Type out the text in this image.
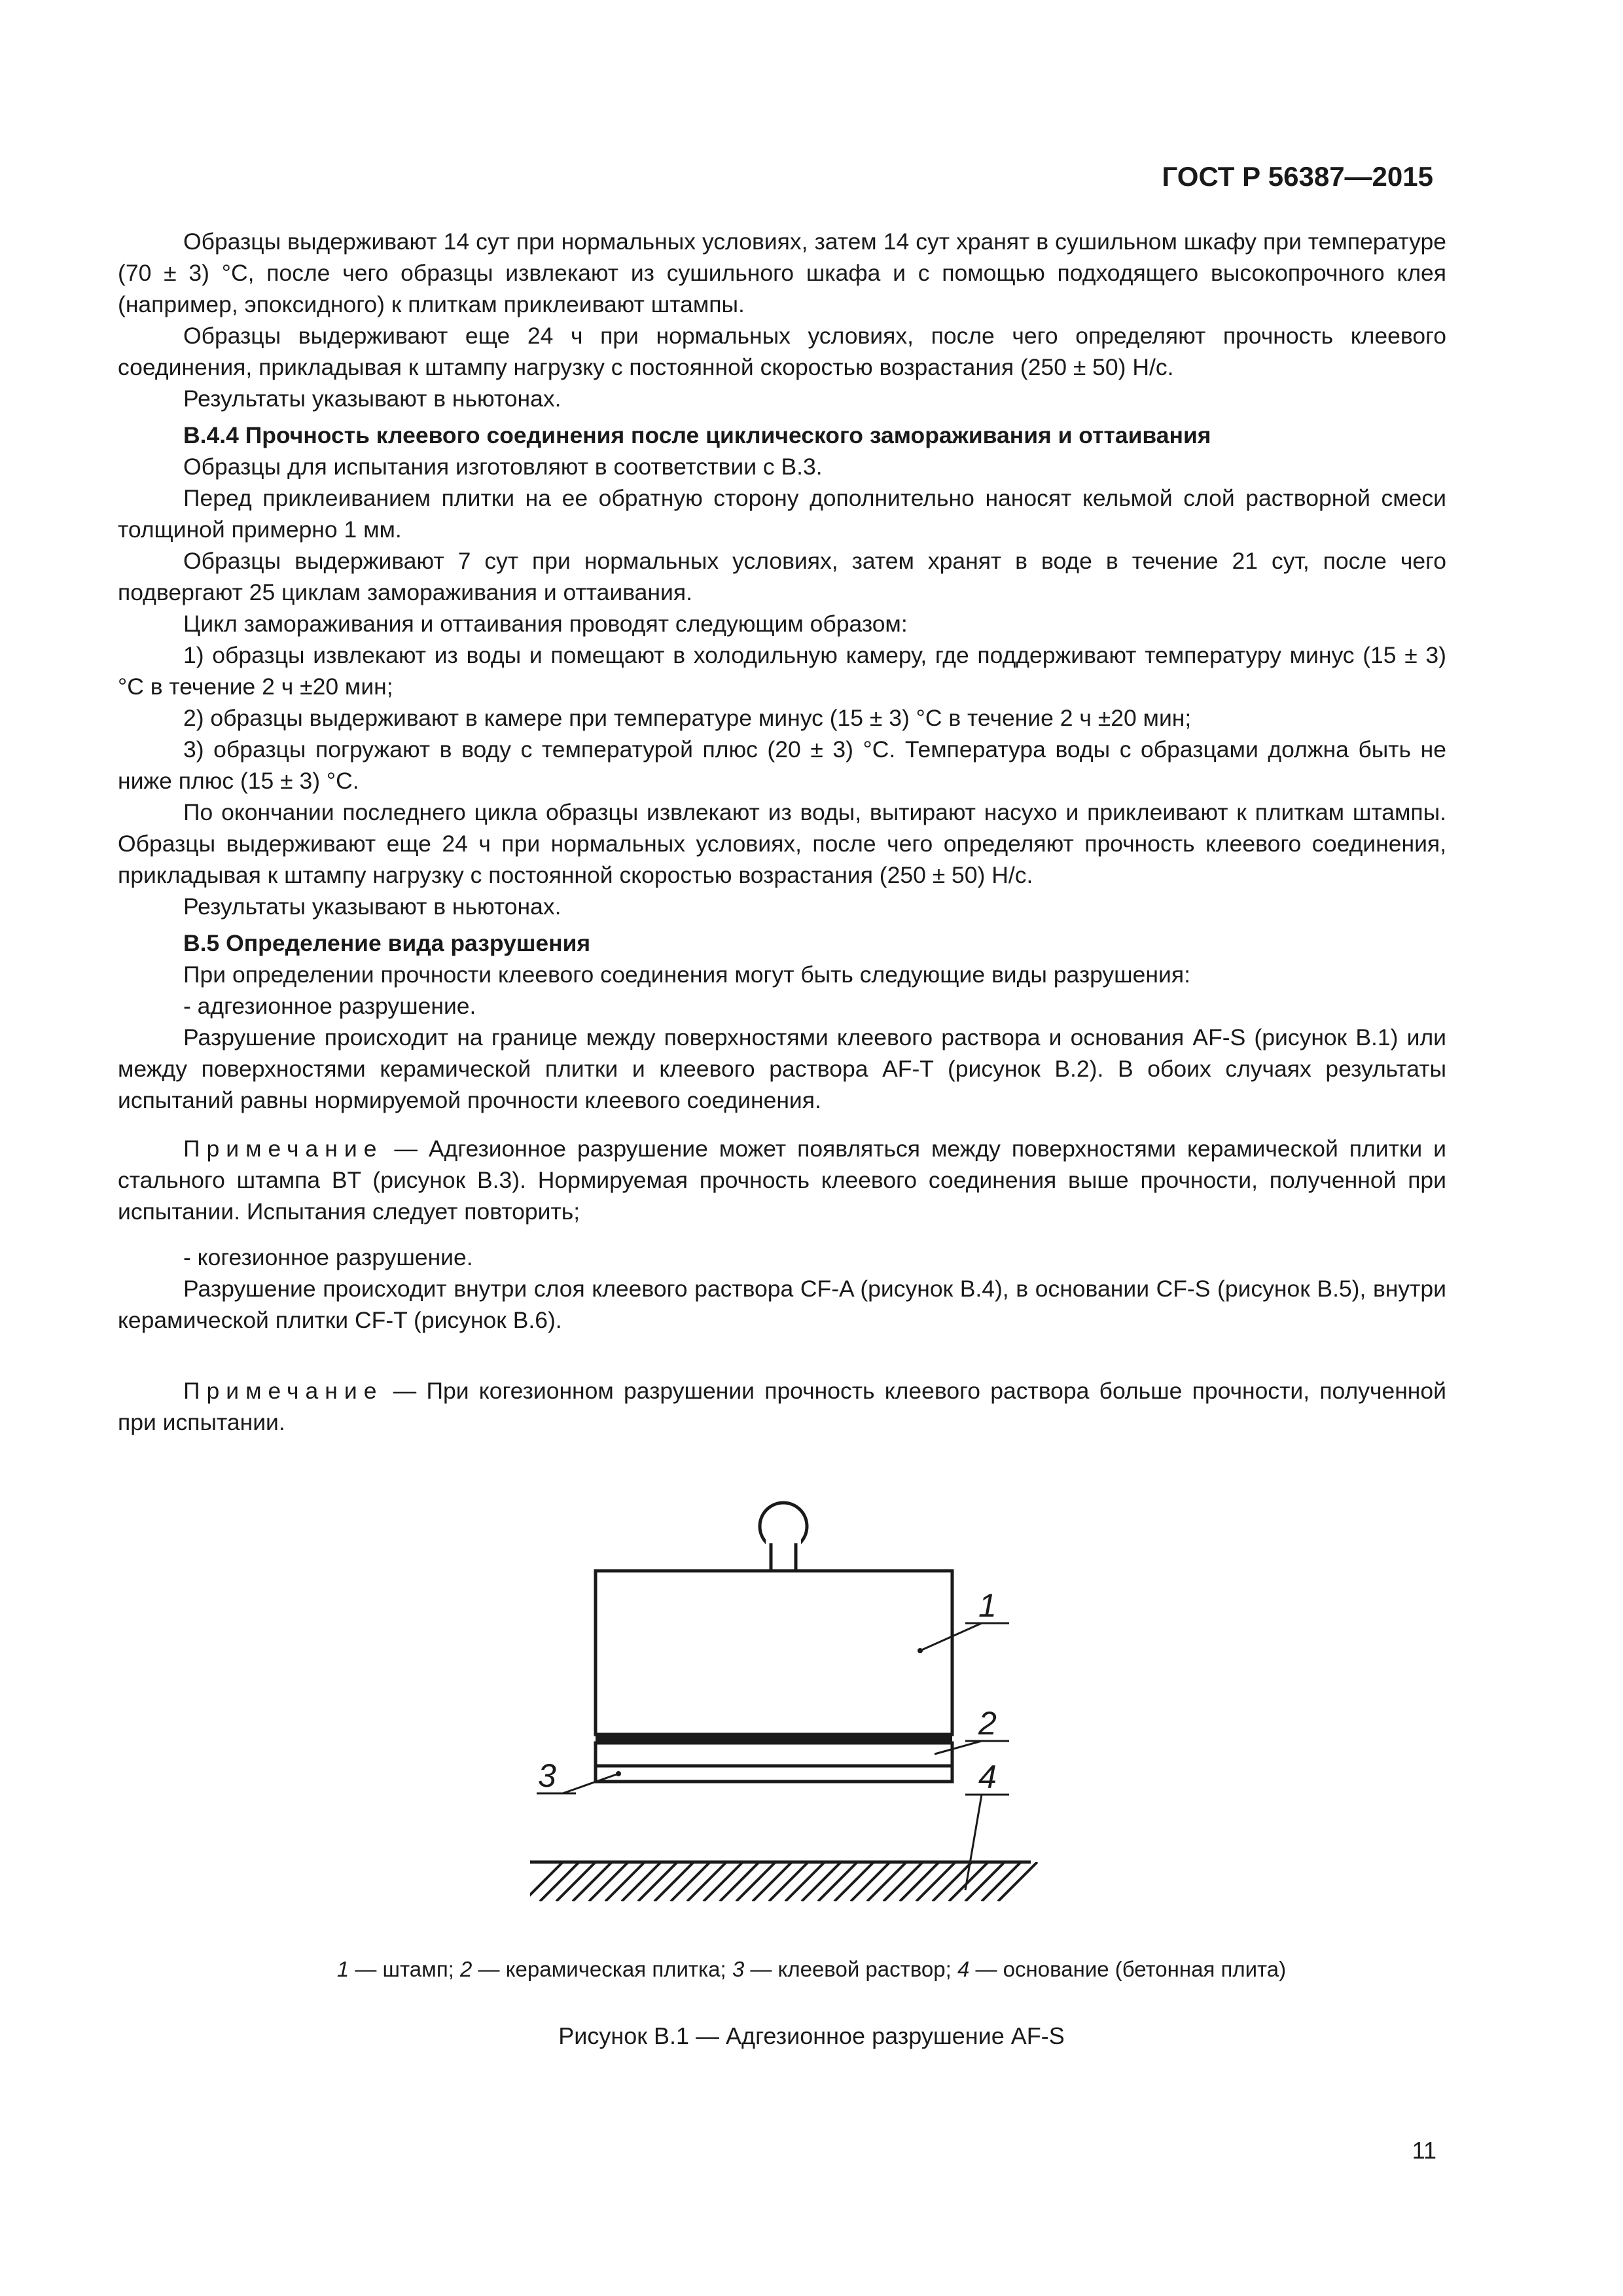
ГОСТ Р 56387—2015

Образцы выдерживают 14 сут при нормальных условиях, затем 14 сут хранят в сушильном шкафу при температуре (70 ± 3) °С, после чего образцы извлекают из сушильного шкафа и с помощью подходящего высокопрочного клея (например, эпоксидного) к плиткам приклеивают штампы.

Образцы выдерживают еще 24 ч при нормальных условиях, после чего определяют прочность клеевого соединения, прикладывая к штампу нагрузку с постоянной скоростью возрастания (250 ± 50) Н/с.

Результаты указывают в ньютонах.

В.4.4 Прочность клеевого соединения после циклического замораживания и оттаивания

Образцы для испытания изготовляют в соответствии с В.3.

Перед приклеиванием плитки на ее обратную сторону дополнительно наносят кельмой слой растворной смеси толщиной примерно 1 мм.

Образцы выдерживают 7 сут при нормальных условиях, затем хранят в воде в течение 21 сут, после чего подвергают 25 циклам замораживания и оттаивания.

Цикл замораживания и оттаивания проводят следующим образом:

1) образцы извлекают из воды и помещают в холодильную камеру, где поддерживают температуру минус (15 ± 3) °С в течение 2 ч ±20 мин;

2) образцы выдерживают в камере при температуре минус (15 ± 3) °С в течение 2 ч ±20 мин;

3) образцы погружают в воду с температурой плюс (20 ± 3) °С. Температура воды с образцами должна быть не ниже плюс (15 ± 3) °С.

По окончании последнего цикла образцы извлекают из воды, вытирают насухо и приклеивают к плиткам штампы. Образцы выдерживают еще 24 ч при нормальных условиях, после чего определяют прочность клеевого соединения, прикладывая к штампу нагрузку с постоянной скоростью возрастания (250 ± 50) Н/с.

Результаты указывают в ньютонах.

В.5 Определение вида разрушения

При определении прочности клеевого соединения могут быть следующие виды разрушения:

- адгезионное разрушение.

Разрушение происходит на границе между поверхностями клеевого раствора и основания AF-S (рисунок В.1) или между поверхностями керамической плитки и клеевого раствора AF-T (рисунок В.2). В обоих случаях результаты испытаний равны нормируемой прочности клеевого соединения.

Примечание — Адгезионное разрушение может появляться между поверхностями керамической плитки и стального штампа BT (рисунок В.3). Нормируемая прочность клеевого соединения выше прочности, полученной при испытании. Испытания следует повторить;

- когезионное разрушение.

Разрушение происходит внутри слоя клеевого раствора CF-A (рисунок В.4), в основании CF-S (рисунок В.5), внутри керамической плитки CF-T (рисунок В.6).

Примечание — При когезионном разрушении прочность клеевого раствора больше прочности, полученной при испытании.

1
2
3	4
1 — штамп; 2 — керамическая плитка; 3 — клеевой раствор; 4 — основание (бетонная плита)
Рисунок В.1 — Адгезионное разрушение AF-S
11
